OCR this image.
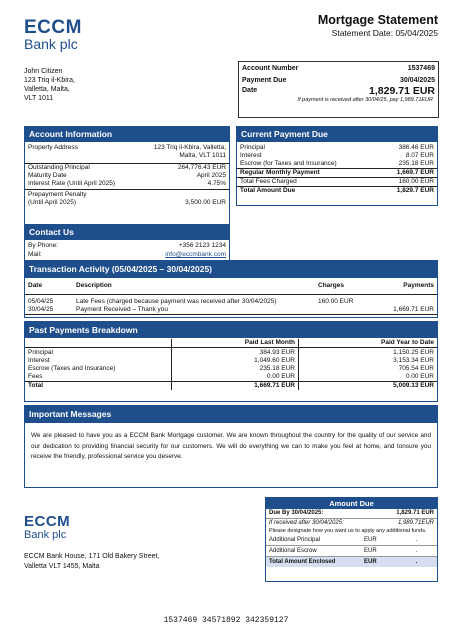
ECCM
Bank plc
Mortgage Statement
Statement Date: 05/04/2025
John Citizen
123 Triq il-Kbira,
Valletta, Malta,
VLT 1011
Account Number	1537469
Payment Due	30/04/2025
Date	1,829.71 EUR
If payment is received after 30/04/25, pay 1,989.71EUR
Account Information
Property Address	123 Triq il-Kbira, Valletta,
Malta, VLT 1011
Outstanding Principal	264,776.43 EUR
Maturity Date	April 2025
Interest Rate (Until April 2025)	4.75%
Prepayment Penalty
(Until April 2025)	3,500.00 EUR
Contact Us
By Phone:	+356 2123 1234
Mail:	info@eccmbank.com
Current Payment Due
Principal	386.46 EUR
Interest	8.07 EUR
Escrow (for Taxes and Insurance)	235.18 EUR
Regular Monthly Payment	1,669.7 EUR
Total Fees Charged	160.00 EUR
Total Amount Due	1,829.7 EUR
Transaction Activity (05/04/2025 – 30/04/2025)
Date	Description	Charges	Payments
05/04/25	Late Fees (charged because payment was received after 30/04/2025)	160.00 EUR	
30/04/25	Payment Received – Thank you		1,669.71 EUR
Past Payments Breakdown
	Paid Last Month	Paid Year to Date
Principal	384.93 EUR	1,150.25 EUR
Interest	1,049.60 EUR	3,153.34 EUR
Escrow (Taxes and Insurance)	235.18 EUR	705.54 EUR
Fees	0.00 EUR	0.00 EUR
Total	1,669.71 EUR	5,009.13 EUR
Important Messages
We are pleased to have you as a ECCM Bank Mortgage customer. We are known throughout the country for the quality of our service and our dedication to providing financial security for our customers. We will do everything we can to make you feel at home, and tonsure you receive the friendly, professional service you deserve.
ECCM
Bank plc
ECCM Bank House, 171 Old Bakery Street,
Valletta VLT 1455, Malta
Amount Due
Due By 30/04/2025:	1,829.71 EUR
If received after 30/04/2025:	1,989.71EUR
Please designate how you want us to apply any additional funds.
Additional Principal	EUR	.
Additional Escrow	EUR	.
Total Amount Enclosed	EUR	.
1537469 34571892 342359127
